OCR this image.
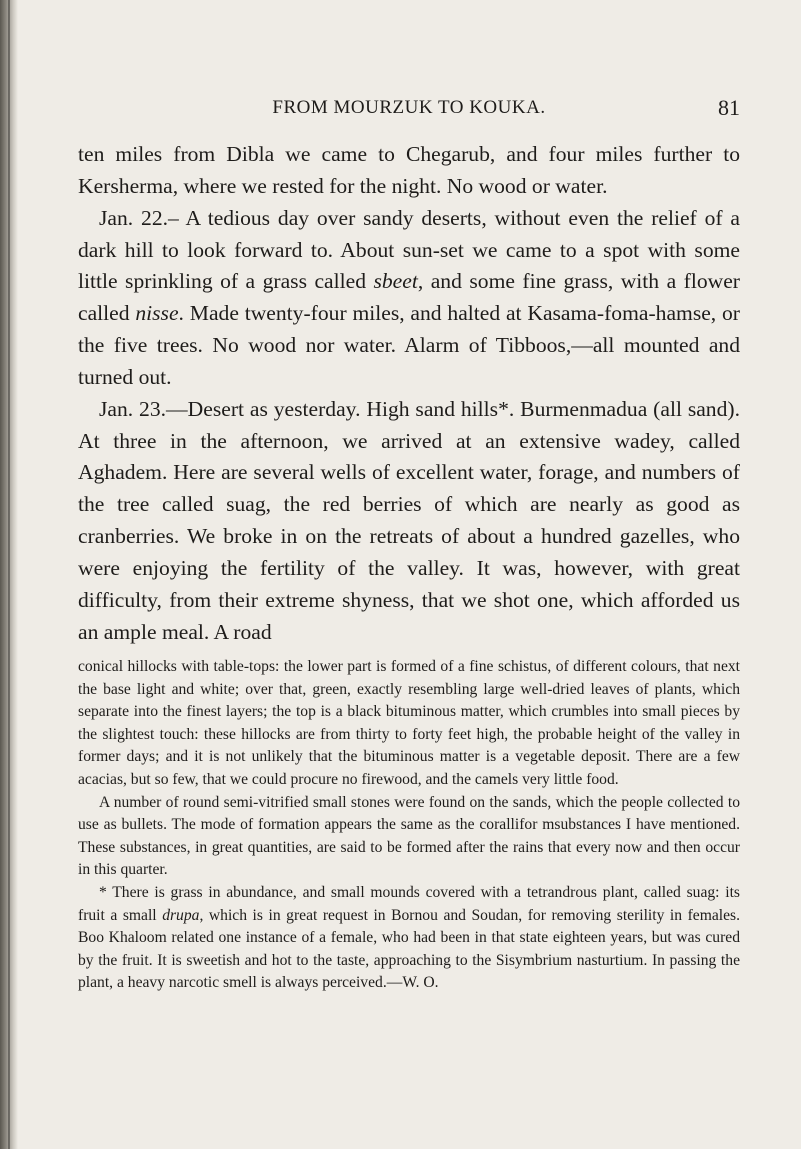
FROM MOURZUK TO KOUKA.	81

ten miles from Dibla we came to Chegarub, and four miles further to Kersherma, where we rested for the night. No wood or water.

Jan. 22.– A tedious day over sandy deserts, without even the relief of a dark hill to look forward to. About sun-set we came to a spot with some little sprinkling of a grass called sbeet, and some fine grass, with a flower called nisse. Made twenty-four miles, and halted at Kasama-foma-hamse, or the five trees. No wood nor water. Alarm of Tibboos,—all mounted and turned out.

Jan. 23.—Desert as yesterday. High sand hills*. Burmenmadua (all sand). At three in the afternoon, we arrived at an extensive wadey, called Aghadem. Here are several wells of excellent water, forage, and numbers of the tree called suag, the red berries of which are nearly as good as cranberries. We broke in on the retreats of about a hundred gazelles, who were enjoying the fertility of the valley. It was, however, with great difficulty, from their extreme shyness, that we shot one, which afforded us an ample meal. A road

conical hillocks with table-tops: the lower part is formed of a fine schistus, of different colours, that next the base light and white; over that, green, exactly resembling large well-dried leaves of plants, which separate into the finest layers; the top is a black bituminous matter, which crumbles into small pieces by the slightest touch: these hillocks are from thirty to forty feet high, the probable height of the valley in former days; and it is not unlikely that the bituminous matter is a vegetable deposit. There are a few acacias, but so few, that we could procure no firewood, and the camels very little food.

A number of round semi-vitrified small stones were found on the sands, which the people collected to use as bullets. The mode of formation appears the same as the corallifor msubstances I have mentioned. These substances, in great quantities, are said to be formed after the rains that every now and then occur in this quarter.

* There is grass in abundance, and small mounds covered with a tetrandrous plant, called suag: its fruit a small drupa, which is in great request in Bornou and Soudan, for removing sterility in females. Boo Khaloom related one instance of a female, who had been in that state eighteen years, but was cured by the fruit. It is sweetish and hot to the taste, approaching to the Sisymbrium nasturtium. In passing the plant, a heavy narcotic smell is always perceived.—W. O.
